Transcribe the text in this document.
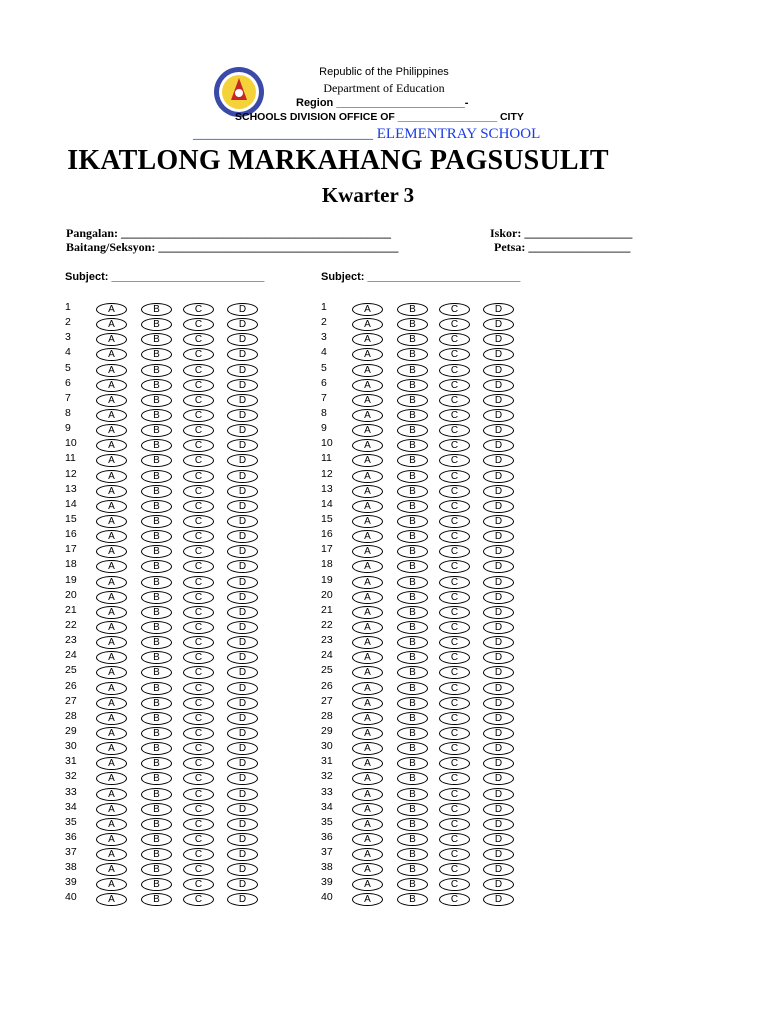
Republic of the Philippines
Department of Education
Region _____________________-
SCHOOLS DIVISION OFFICE OF _________________ CITY
________________________ ELEMENTRAY SCHOOL
IKATLONG MARKAHANG PAGSUSULIT
Kwarter 3
Pangalan: _____________________________________________
Baitang/Seksyon: ________________________________________
Iskor: __________________
Petsa: _________________
Subject: _________________________	Subject: _________________________
1	A	B	C	D
2	A	B	C	D
3	A	B	C	D
4	A	B	C	D
5	A	B	C	D
6	A	B	C	D
7	A	B	C	D
8	A	B	C	D
9	A	B	C	D
10	A	B	C	D
11	A	B	C	D
12	A	B	C	D
13	A	B	C	D
14	A	B	C	D
15	A	B	C	D
16	A	B	C	D
17	A	B	C	D
18	A	B	C	D
19	A	B	C	D
20	A	B	C	D
21	A	B	C	D
22	A	B	C	D
23	A	B	C	D
24	A	B	C	D
25	A	B	C	D
26	A	B	C	D
27	A	B	C	D
28	A	B	C	D
29	A	B	C	D
30	A	B	C	D
31	A	B	C	D
32	A	B	C	D
33	A	B	C	D
34	A	B	C	D
35	A	B	C	D
36	A	B	C	D
37	A	B	C	D
38	A	B	C	D
39	A	B	C	D
40	A	B	C	D
1	A	B	C	D
2	A	B	C	D
3	A	B	C	D
4	A	B	C	D
5	A	B	C	D
6	A	B	C	D
7	A	B	C	D
8	A	B	C	D
9	A	B	C	D
10	A	B	C	D
11	A	B	C	D
12	A	B	C	D
13	A	B	C	D
14	A	B	C	D
15	A	B	C	D
16	A	B	C	D
17	A	B	C	D
18	A	B	C	D
19	A	B	C	D
20	A	B	C	D
21	A	B	C	D
22	A	B	C	D
23	A	B	C	D
24	A	B	C	D
25	A	B	C	D
26	A	B	C	D
27	A	B	C	D
28	A	B	C	D
29	A	B	C	D
30	A	B	C	D
31	A	B	C	D
32	A	B	C	D
33	A	B	C	D
34	A	B	C	D
35	A	B	C	D
36	A	B	C	D
37	A	B	C	D
38	A	B	C	D
39	A	B	C	D
40	A	B	C	D
